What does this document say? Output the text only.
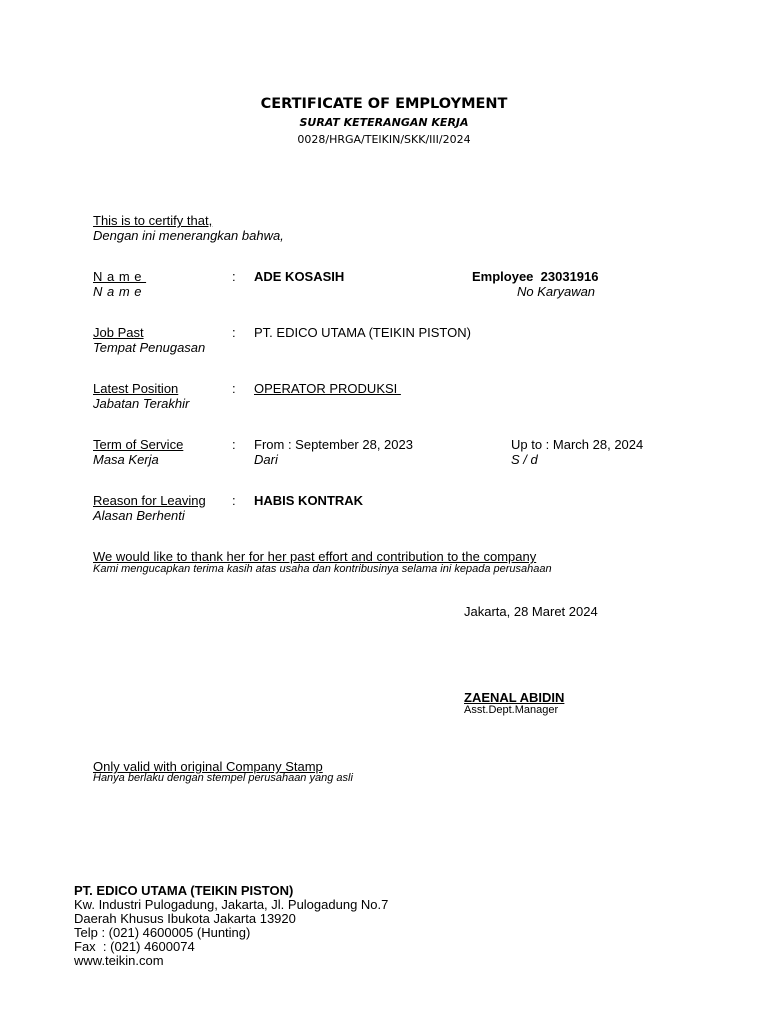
CERTIFICATE OF EMPLOYMENT
SURAT KETERANGAN KERJA
0028/HRGA/TEIKIN/SKK/III/2024
This is to certify that,
Dengan ini menerangkan bahwa,
Name
Name
: ADE KOSASIH	Employee 23031916
No Karyawan
Job Past
Tempat Penugasan
: PT. EDICO UTAMA (TEIKIN PISTON)
Latest Position
Jabatan Terakhir
: OPERATOR PRODUKSI
Term of Service
Masa Kerja
: From : September 28, 2023
Dari
Up to : March 28, 2024
S / d
Reason for Leaving
Alasan Berhenti
: HABIS KONTRAK
We would like to thank her for her past effort and contribution to the company
Kami mengucapkan terima kasih atas usaha dan kontribusinya selama ini kepada perusahaan
Jakarta, 28 Maret 2024
ZAENAL ABIDIN
Asst.Dept.Manager
Only valid with original Company Stamp
Hanya berlaku dengan stempel perusahaan yang asli
PT. EDICO UTAMA (TEIKIN PISTON)
Kw. Industri Pulogadung, Jakarta, Jl. Pulogadung No.7
Daerah Khusus Ibukota Jakarta 13920
Telp : (021) 4600005 (Hunting)
Fax  : (021) 4600074
www.teikin.com
